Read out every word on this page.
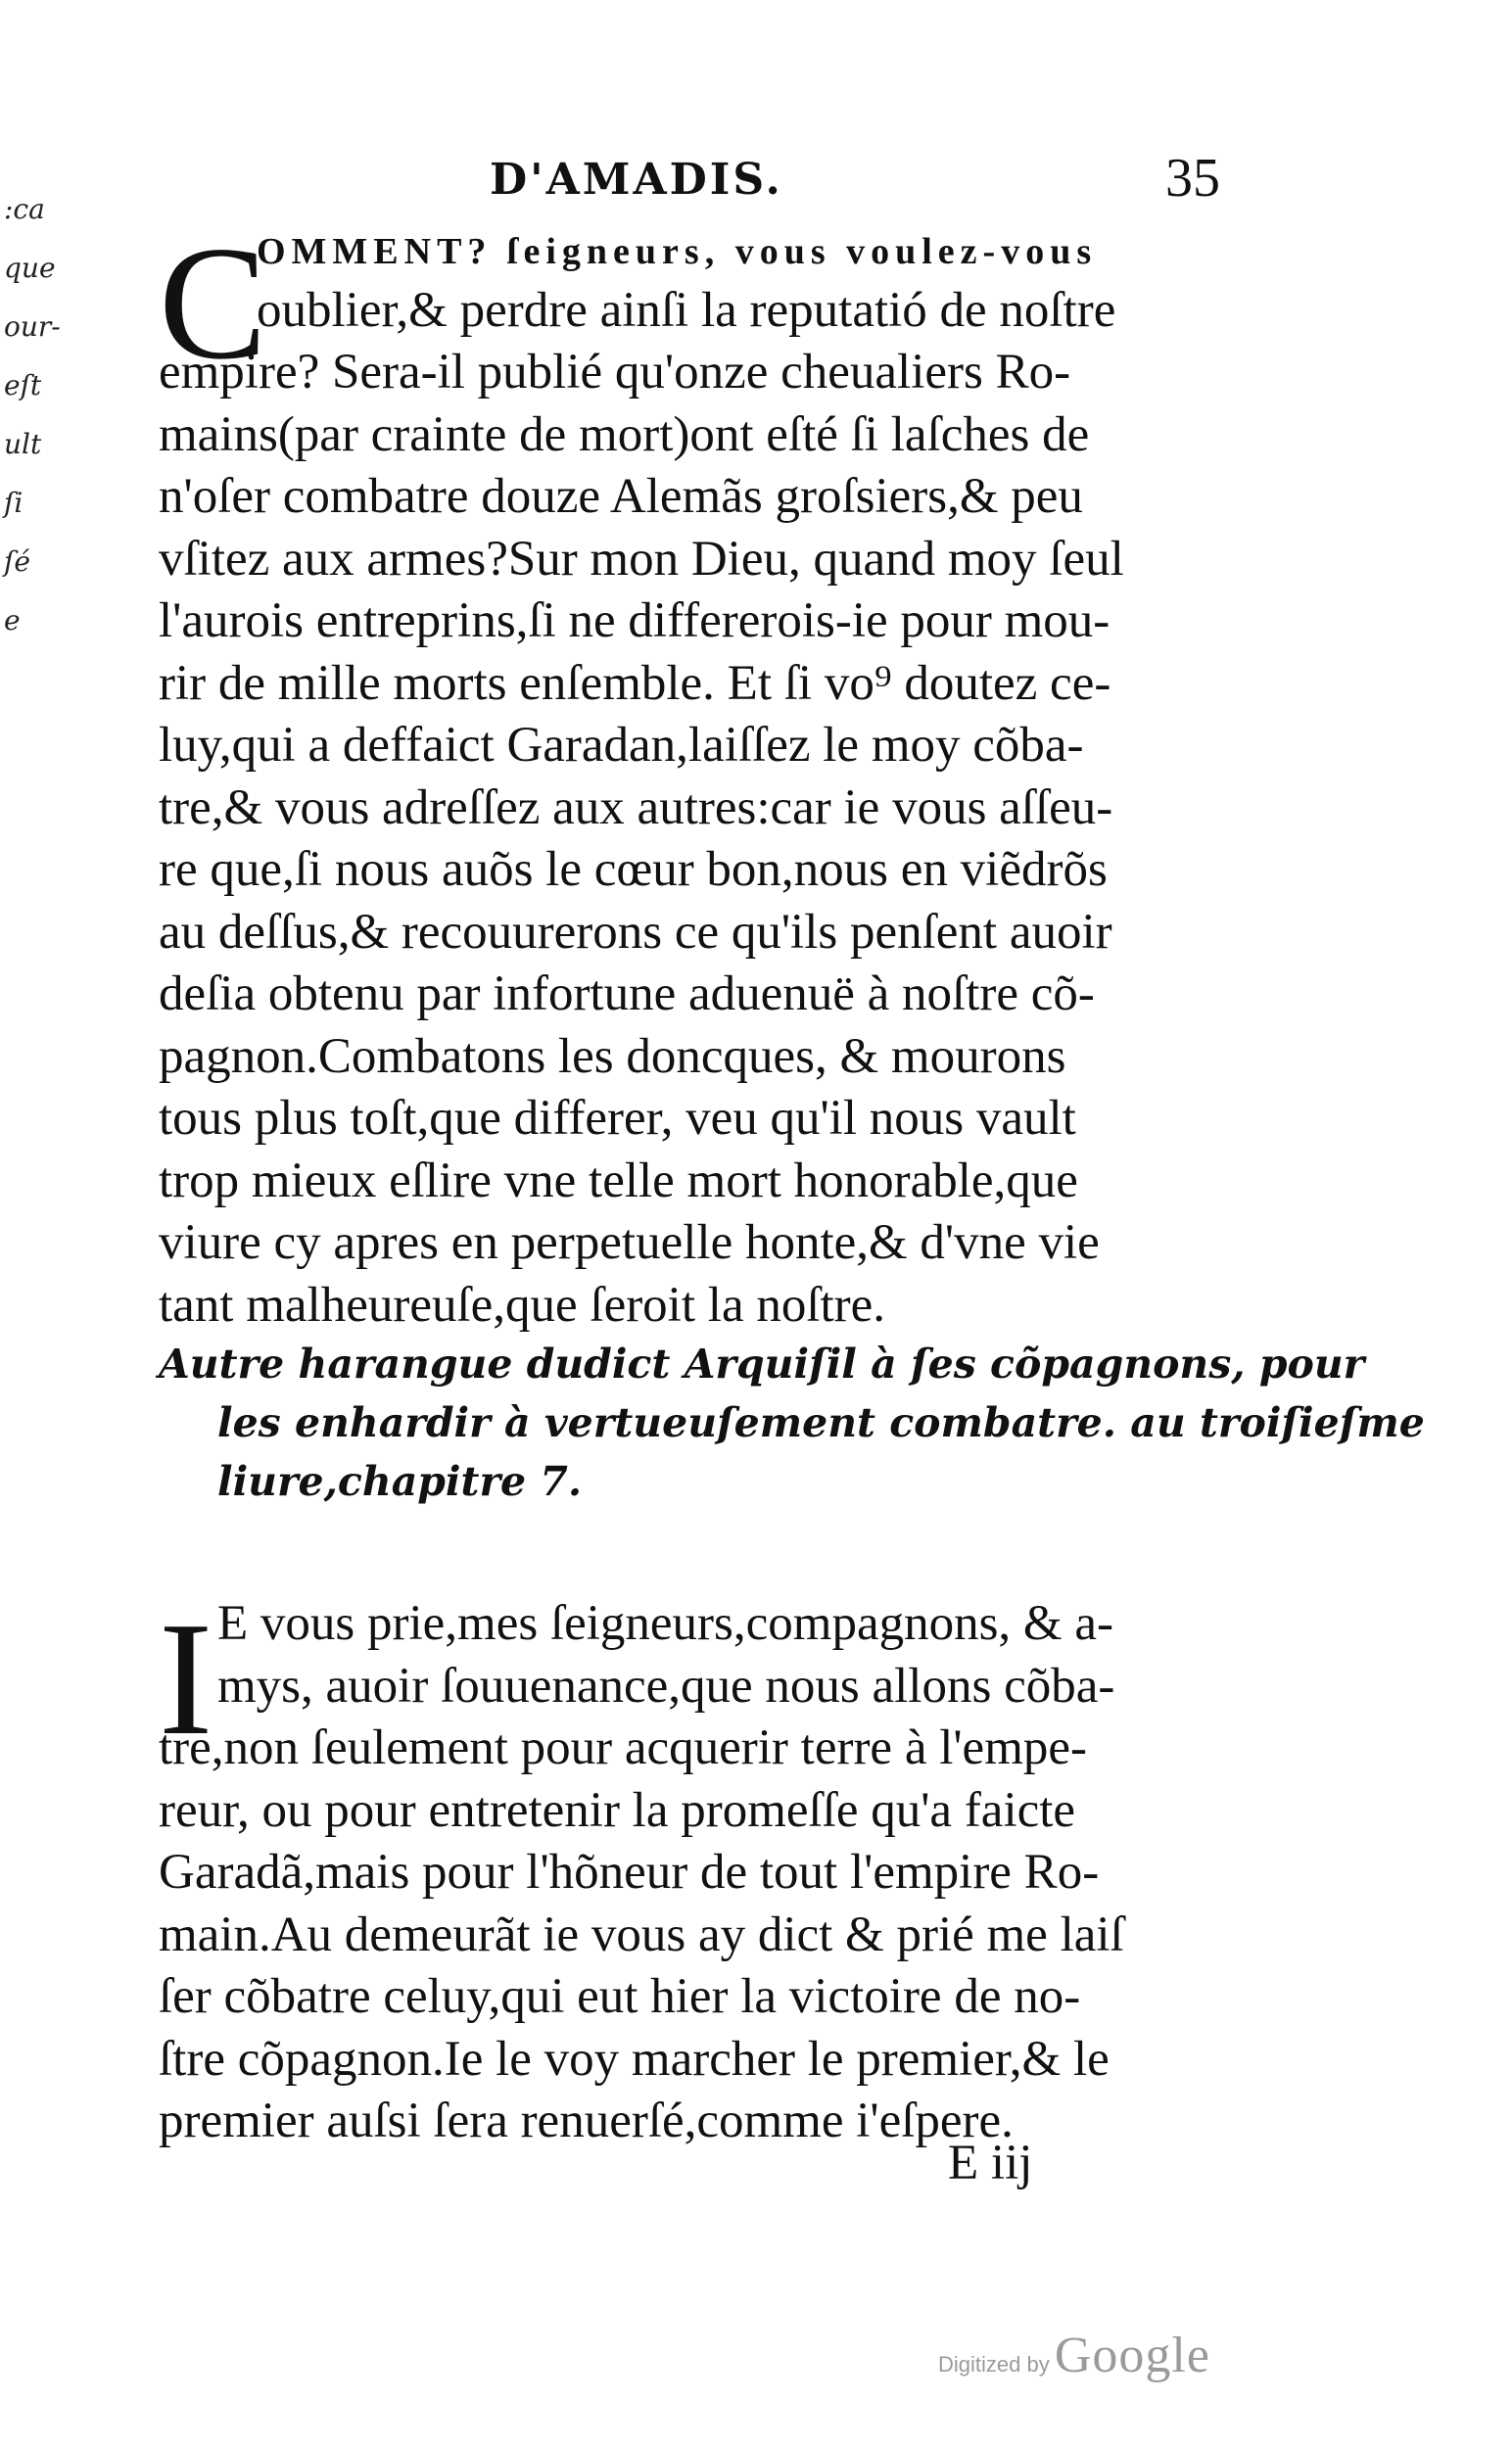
:ca
que
our-
eſt
ult
ſi
ſé
e
D'AMADIS.	35
C
OMMENT? ſeigneurs, vous voulez-vous
oublier,& perdre ainſi la reputatió de noſtre
empire? Sera-il publié qu'onze cheualiers Ro-
mains(par crainte de mort)ont eſté ſi laſches de
n'oſer combatre douze Alemãs groſsiers,& peu
vſitez aux armes?Sur mon Dieu, quand moy ſeul
l'aurois entreprins,ſi ne differerois-ie pour mou-
rir de mille morts enſemble. Et ſi vo⁹ doutez ce-
luy,qui a deffaict Garadan,laiſſez le moy cõba-
tre,& vous adreſſez aux autres:car ie vous aſſeu-
re que,ſi nous auõs le cœur bon,nous en viẽdrõs
au deſſus,& recouurerons ce qu'ils penſent auoir
deſia obtenu par infortune aduenuë à noſtre cõ-
pagnon.Combatons les doncques, & mourons
tous plus toſt,que differer, veu qu'il nous vault
trop mieux eſlire vne telle mort honorable,que
viure cy apres en perpetuelle honte,& d'vne vie
tant malheureuſe,que ſeroit la noſtre.
Autre harangue dudict Arquiſil à ſes cõpagnons, pour
les enhardir à vertueuſement combatre. au troiſieſme
liure,chapitre 7.
I E vous prie,mes ſeigneurs,compagnons, & a-
mys, auoir ſouuenance,que nous allons cõba-
tre,non ſeulement pour acquerir terre à l'empe-
reur, ou pour entretenir la promeſſe qu'a faicte
Garadã,mais pour l'hõneur de tout l'empire Ro-
main.Au demeurãt ie vous ay dict & prié me laiſ
ſer cõbatre celuy,qui eut hier la victoire de no-
ſtre cõpagnon.Ie le voy marcher le premier,& le
premier auſsi ſera renuerſé,comme i'eſpere.
E iij
Digitized by Google
